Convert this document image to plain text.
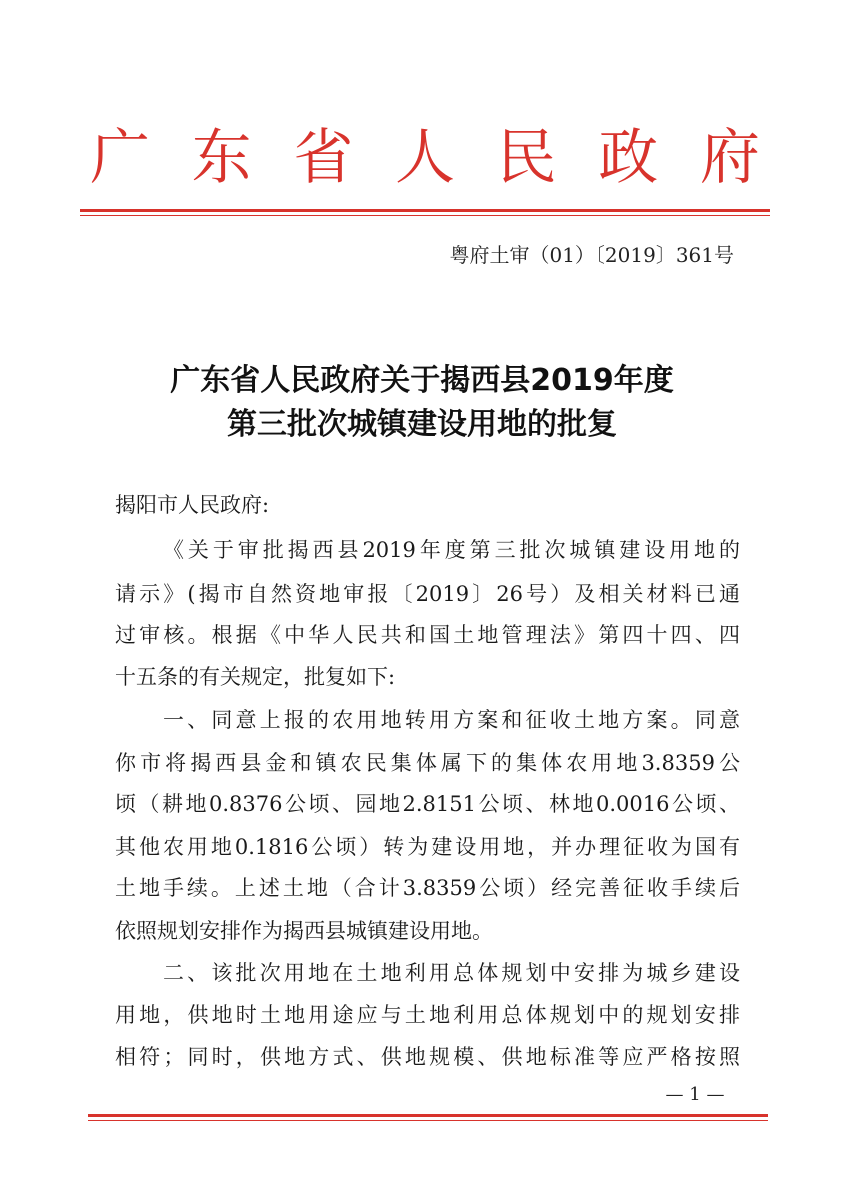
广 东 省 人 民 政 府
粤府土审（01）〔2019〕361号
广东省人民政府关于揭西县2019年度
第三批次城镇建设用地的批复
揭阳市人民政府:
《关于审批揭西县2019年度第三批次城镇建设用地的
请示》(揭市自然资地审报〔2019〕26号）及相关材料已通
过审核。根据《中华人民共和国土地管理法》第四十四、四
十五条的有关规定，批复如下:
一、同意上报的农用地转用方案和征收土地方案。同意
你市将揭西县金和镇农民集体属下的集体农用地3.8359公
顷（耕地0.8376公顷、园地2.8151公顷、林地0.0016公顷、
其他农用地0.1816公顷）转为建设用地，并办理征收为国有
土地手续。上述土地（合计3.8359公顷）经完善征收手续后
依照规划安排作为揭西县城镇建设用地。
二、该批次用地在土地利用总体规划中安排为城乡建设
用地，供地时土地用途应与土地利用总体规划中的规划安排
相符；同时，供地方式、供地规模、供地标准等应严格按照
— 1 —
